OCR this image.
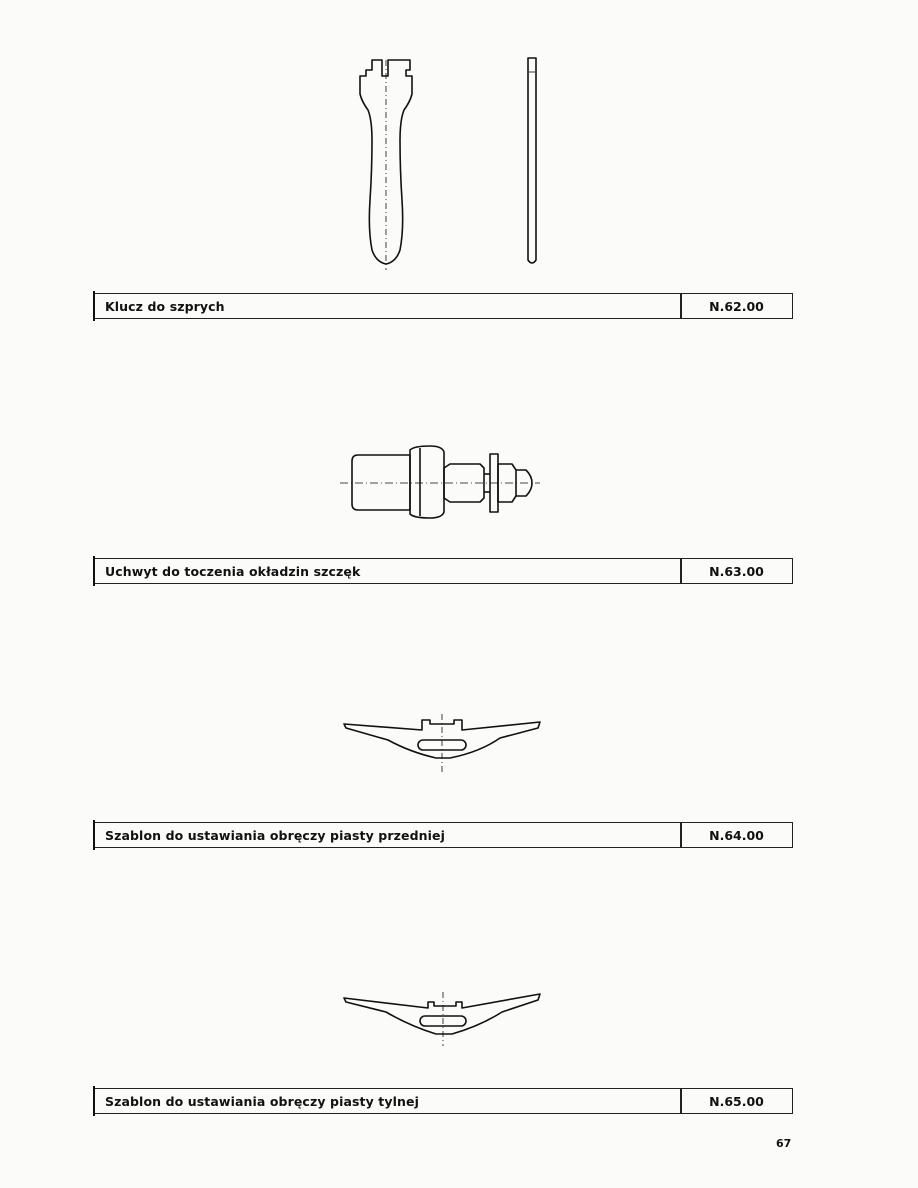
Klucz do szprych	N.62.00
Uchwyt do toczenia okładzin szczęk	N.63.00
Szablon do ustawiania obręczy piasty przedniej	N.64.00
Szablon do ustawiania obręczy piasty tylnej	N.65.00
67
